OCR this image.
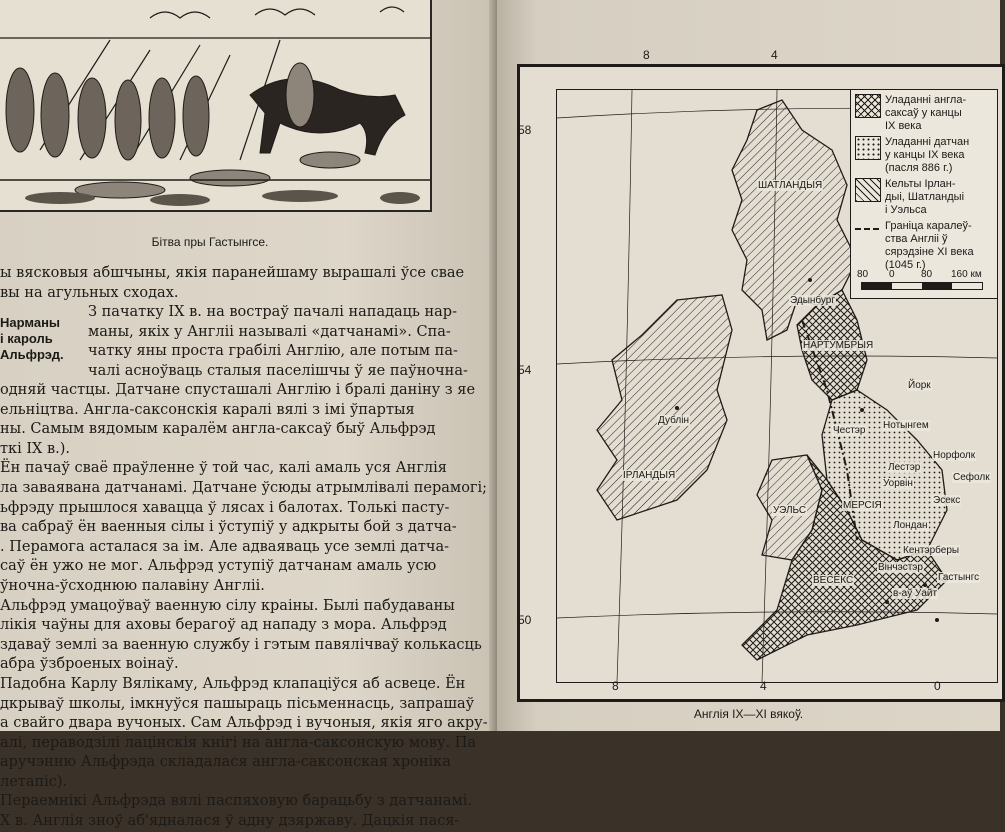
Бітва пры Гастынгсе.
Нарманы
і кароль
Альфрэд.
ы вясковыя абшчыны, якія паранейшаму вырашалі ўсе свае
вы на агульных сходах.
З пачатку IX в. на востраў пачалі нападаць нар-
маны, якіх у Англіі называлі «датчанамі». Спа-
чатку яны проста грабілі Англію, але потым па-
чалі асноўваць сталыя паселішчы ў яе паўночна-
одняй частцы. Датчане спусташалі Англію і бралі даніну з яе
ельніцтва. Англа-саксонскія каралі вялі з імі ўпартыя
ны. Самым вядомым каралём англа-саксаў быў Альфрэд
ткі IX в.).
Ён пачаў сваё праўленне ў той час, калі амаль уся Англія
ла заваявана датчанамі. Датчане ўсюды атрымлівалі перамогі;
ьфрэду прышлося хавацца ў лясах і балотах. Толькі пасту-
ва сабраў ён ваенныя сілы і ўступіў у адкрыты бой з датча-
. Перамога асталася за ім. Але адваяваць усе землі датча-
саў ён ужо не мог. Альфрэд уступіў датчанам амаль усю
ўночна-ўсходнюю палавіну Англіі.
Альфрэд умацоўваў ваенную сілу краіны. Былі пабудаваны
лікія чаўны для аховы берагоў ад нападу з мора. Альфрэд
здаваў землі за ваенную службу і гэтым павялічваў колькасць
абра ўзброеных воінаў.
Падобна Карлу Вялікаму, Альфрэд клапаціўся аб асвеце. Ён
дкрываў школы, імкнуўся пашыраць пісьменнасць, запрашаў
а свайго двара вучоных. Сам Альфрэд і вучоныя, якія яго акру-
алі, пераводзілі лацінскія кнігі на англа-саксонскую мову. Па
аручэнню Альфрэда складалася англа-саксонская хроніка
летапіс).
Пераемнікі Альфрэда вялі паспяховую барацьбу з датчанамі.
X в. Англія зноў аб'ядналася ў адну дзяржаву. Дацкія пася-
8	4
58
54
50
Эдынбург
Дублін
Йорк
Честэр Нотынгем
Лестэр
Норфолк
Уорвін
Сефолк
Эсекс
Лондан
Кентэрберы
Вінчэстэр
Гастынгс
в-аў Уайт
ШАТЛАНДЫЯ
ІРЛАНДЫЯ
НАРТУМБРЫЯ
УЭЛЬС	МЕРСІЯ
ВЕСЕКС
Уладанні англа-
саксаў у канцы
IX века
Уладанні датчан
у канцы IX века
(пасля 886 г.)
Кельты Ірлан-
дыі, Шатландыі
і Уэльса
Граніца каралеў-
ства Англіі ў
сярэдзіне XI века
(1045 г.)
80 0	80 160 км
8	4	0
Англія IX—XI вякоў.
